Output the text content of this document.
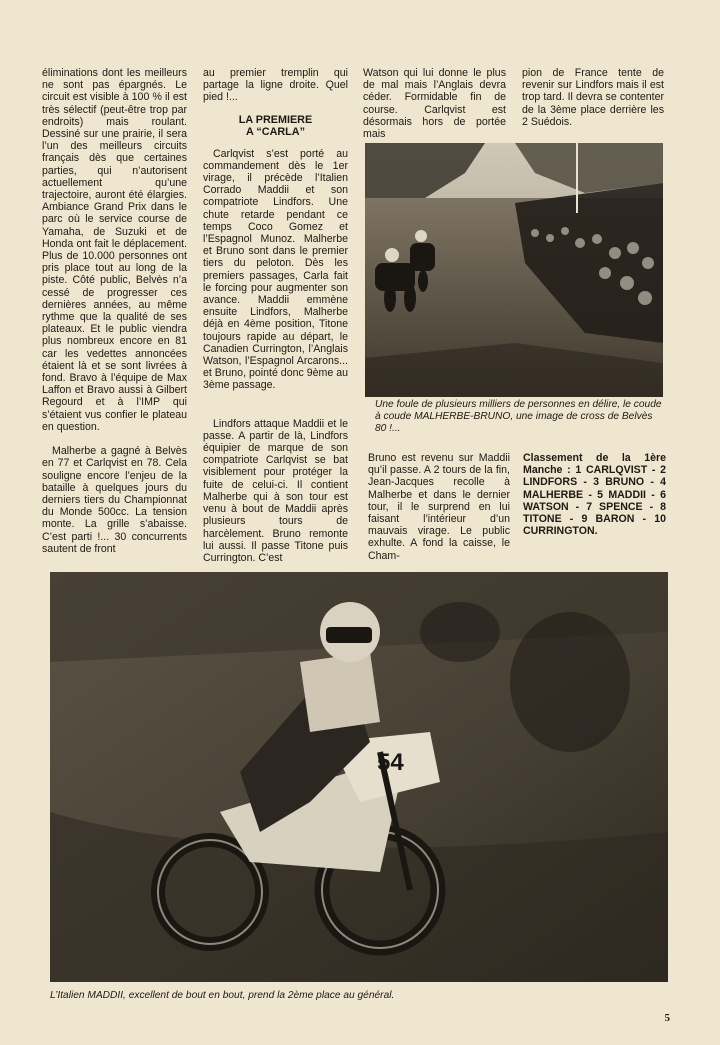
éliminations dont les meilleurs ne sont pas épargnés. Le circuit est visible à 100 % il est très sélectif (peut-être trop par endroits) mais roulant. Dessiné sur une prairie, il sera l’un des meilleurs circuits français dès que certaines parties, qui n’autorisent actuellement qu’une trajectoire, auront été élargies. Ambiance Grand Prix dans le parc où le service course de Yamaha, de Suzuki et de Honda ont fait le déplacement. Plus de 10.000 personnes ont pris place tout au long de la piste. Côté public, Belvès n’a cessé de progresser ces dernières années, au même rythme que la qualité de ses plateaux. Et le public viendra plus nombreux encore en 81 car les vedettes annoncées étaient là et se sont livrées à fond. Bravo à l’équipe de Max Laffon et Bravo aussi à Gilbert Regourd et à l’IMP qui s’étaient vus confier le plateau en question.

Malherbe a gagné à Belvès en 77 et Carlqvist en 78. Cela souligne encore l’enjeu de la bataille à quelques jours du derniers tiers du Championnat du Monde 500cc. La tension monte. La grille s’abaisse. C’est parti !... 30 concurrents sautent de front

au premier tremplin qui partage la ligne droite. Quel pied !...

LA PREMIERE
A “CARLA”

Carlqvist s’est porté au commandement dès le 1er virage, il précède l’Italien Corrado Maddii et son compatriote Lindfors. Une chute retarde pendant ce temps Coco Gomez et l’Espagnol Munoz. Malherbe et Bruno sont dans le premier tiers du peloton. Dès les premiers passages, Carla fait le forcing pour augmenter son avance. Maddii emmène ensuite Lindfors, Malherbe déjà en 4ème position, Titone toujours rapide au départ, le Canadien Currington, l’Anglais Watson, l’Espagnol Arcarons... et Bruno, pointé donc 9ème au 3ème passage.

Lindfors attaque Maddii et le passe. A partir de là, Lindfors équipier de marque de son compatriote Carlqvist se bat visiblement pour protéger la fuite de celui-ci. Il contient Malherbe qui à son tour est venu à bout de Maddii après plusieurs tours de harcèlement. Bruno remonte lui aussi. Il passe Titone puis Currington. C’est

Watson qui lui donne le plus de mal mais l’Anglais devra céder. Formidable fin de course. Carlqvist est désormais hors de portée mais

pion de France tente de revenir sur Lindfors mais il est trop tard. Il devra se contenter de la 3ème place derrière les 2 Suédois.

Une foule de plusieurs milliers de personnes en délire, le coude à coude MALHERBE-BRUNO, une image de cross de Belvès 80 !...

Bruno est revenu sur Maddii qu’il passe. A 2 tours de la fin, Jean-Jacques recolle à Malherbe et dans le dernier tour, il le surprend en lui faisant l’intérieur d’un mauvais virage. Le public exhulte. A fond la caisse, le Cham-

Classement de la 1ère Manche : 1 CARLQVIST - 2 LINDFORS - 3 BRUNO - 4 MALHERBE - 5 MADDII - 6 WATSON - 7 SPENCE - 8 TITONE - 9 BARON - 10 CURRINGTON.

54
L’Italien MADDII, excellent de bout en bout, prend la 2ème place au général.
5
